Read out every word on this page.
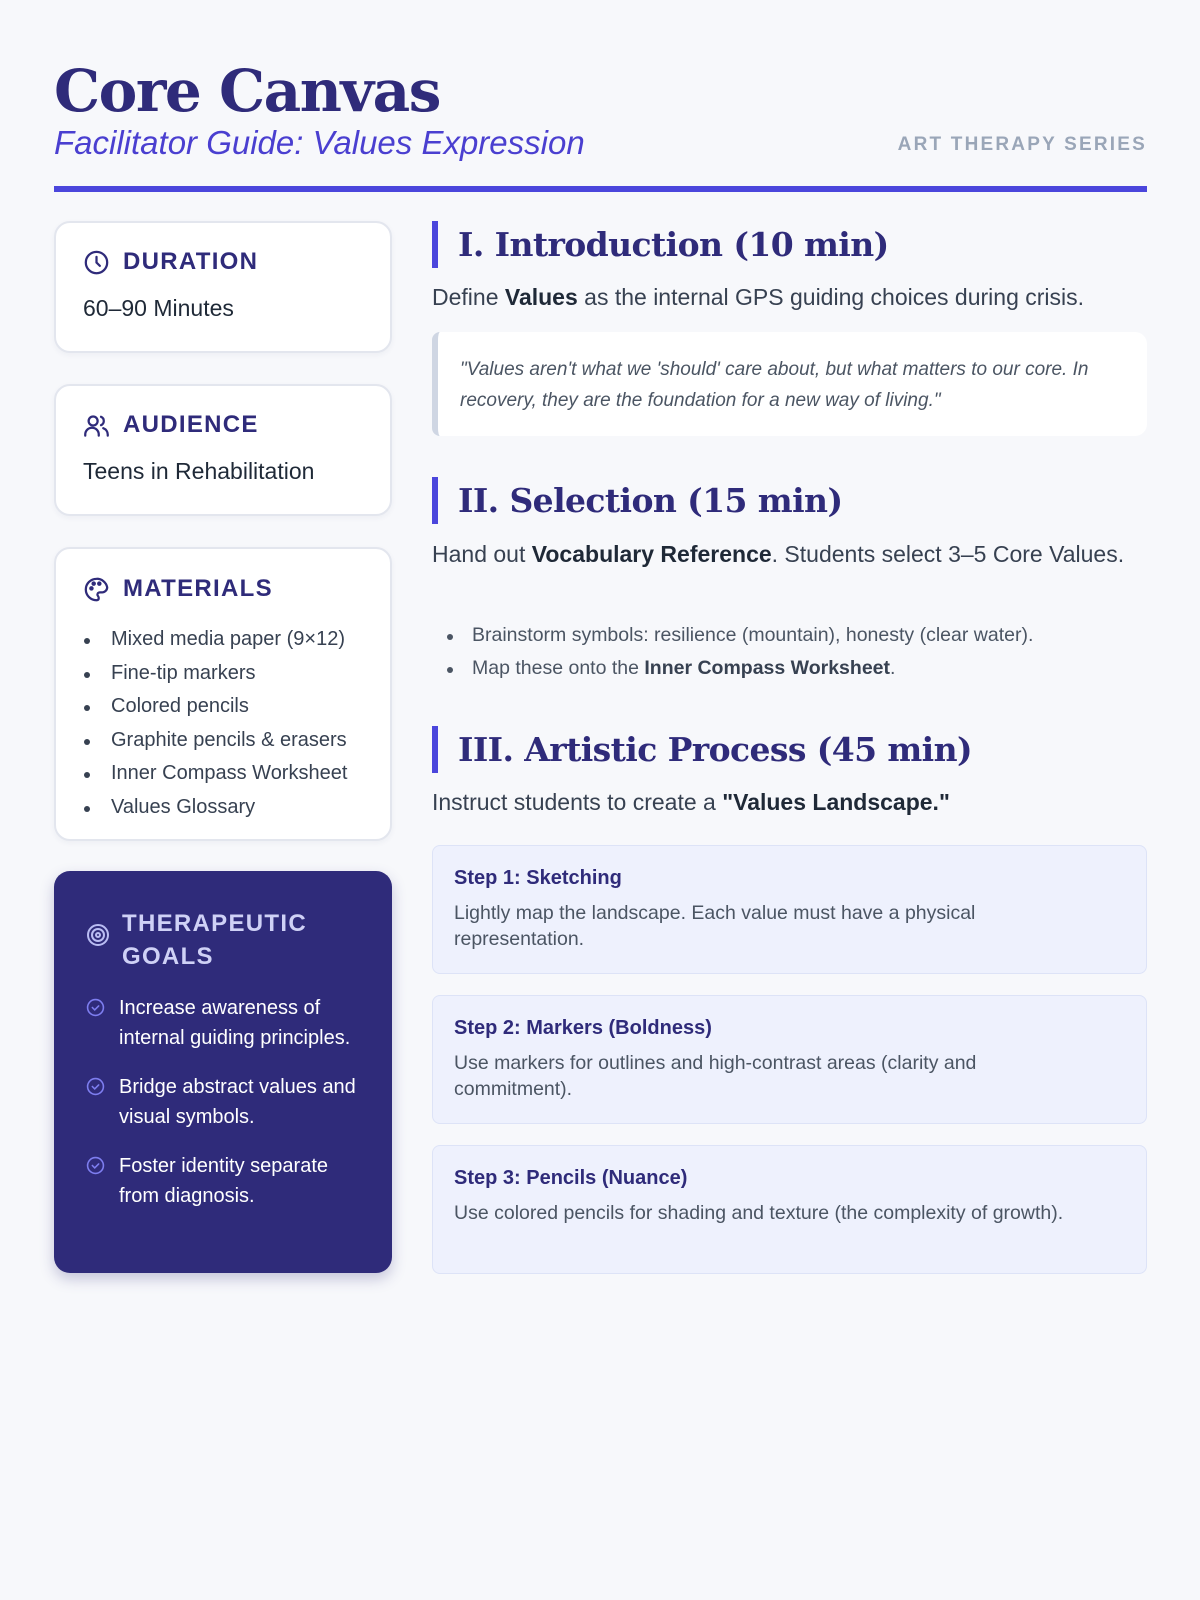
Core Canvas
Facilitator Guide: Values Expression	ART THERAPY SERIES
DURATION
60–90 Minutes
AUDIENCE
Teens in Rehabilitation
MATERIALS
Mixed media paper (9×12)
Fine-tip markers
Colored pencils
Graphite pencils & erasers
Inner Compass Worksheet
Values Glossary
THERAPEUTIC GOALS
Increase awareness of internal guiding principles.
Bridge abstract values and visual symbols.
Foster identity separate from diagnosis.
I. Introduction (10 min)

Define Values as the internal GPS guiding choices during crisis.

"Values aren't what we 'should' care about, but what matters to our core. In recovery, they are the foundation for a new way of living."
II. Selection (15 min)

Hand out Vocabulary Reference. Students select 3–5 Core Values.

Brainstorm symbols: resilience (mountain), honesty (clear water).
Map these onto the Inner Compass Worksheet.
III. Artistic Process (45 min)

Instruct students to create a "Values Landscape."

Step 1: Sketching
Lightly map the landscape. Each value must have a physical representation.
Step 2: Markers (Boldness)
Use markers for outlines and high-contrast areas (clarity and commitment).
Step 3: Pencils (Nuance)
Use colored pencils for shading and texture (the complexity of growth).
